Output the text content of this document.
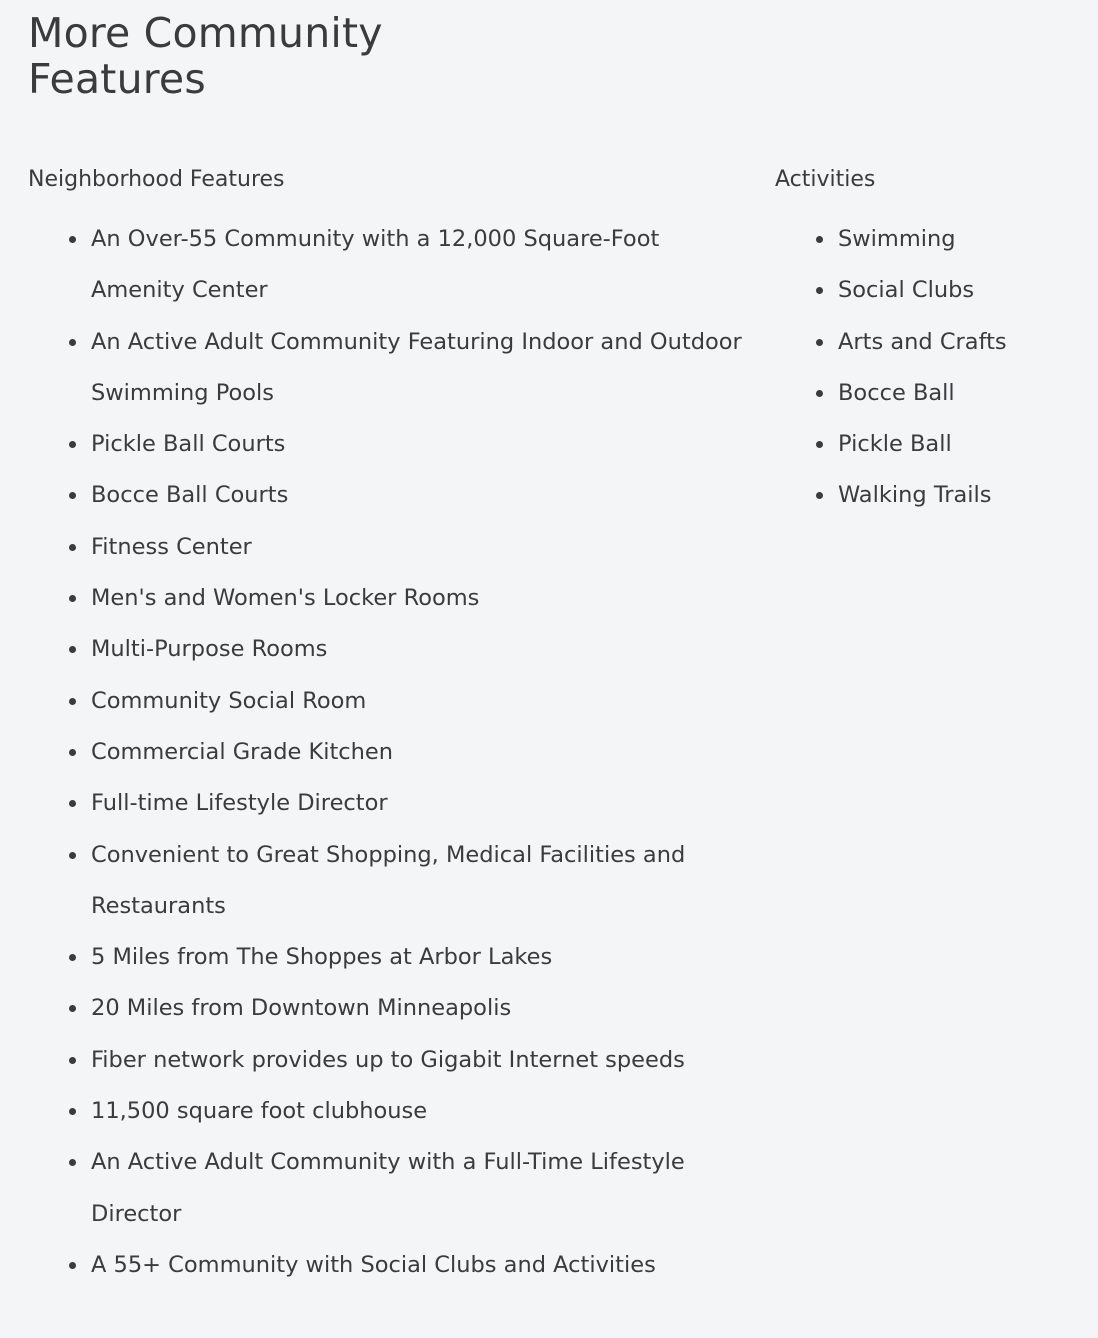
More Community Features
Neighborhood Features
An Over-55 Community with a 12,000 Square-Foot Amenity Center
An Active Adult Community Featuring Indoor and Outdoor Swimming Pools
Pickle Ball Courts
Bocce Ball Courts
Fitness Center
Men's and Women's Locker Rooms
Multi-Purpose Rooms
Community Social Room
Commercial Grade Kitchen
Full-time Lifestyle Director
Convenient to Great Shopping, Medical Facilities and Restaurants
5 Miles from The Shoppes at Arbor Lakes
20 Miles from Downtown Minneapolis
Fiber network provides up to Gigabit Internet speeds
11,500 square foot clubhouse
An Active Adult Community with a Full-Time Lifestyle Director
A 55+ Community with Social Clubs and Activities
Activities
Swimming
Social Clubs
Arts and Crafts
Bocce Ball
Pickle Ball
Walking Trails
